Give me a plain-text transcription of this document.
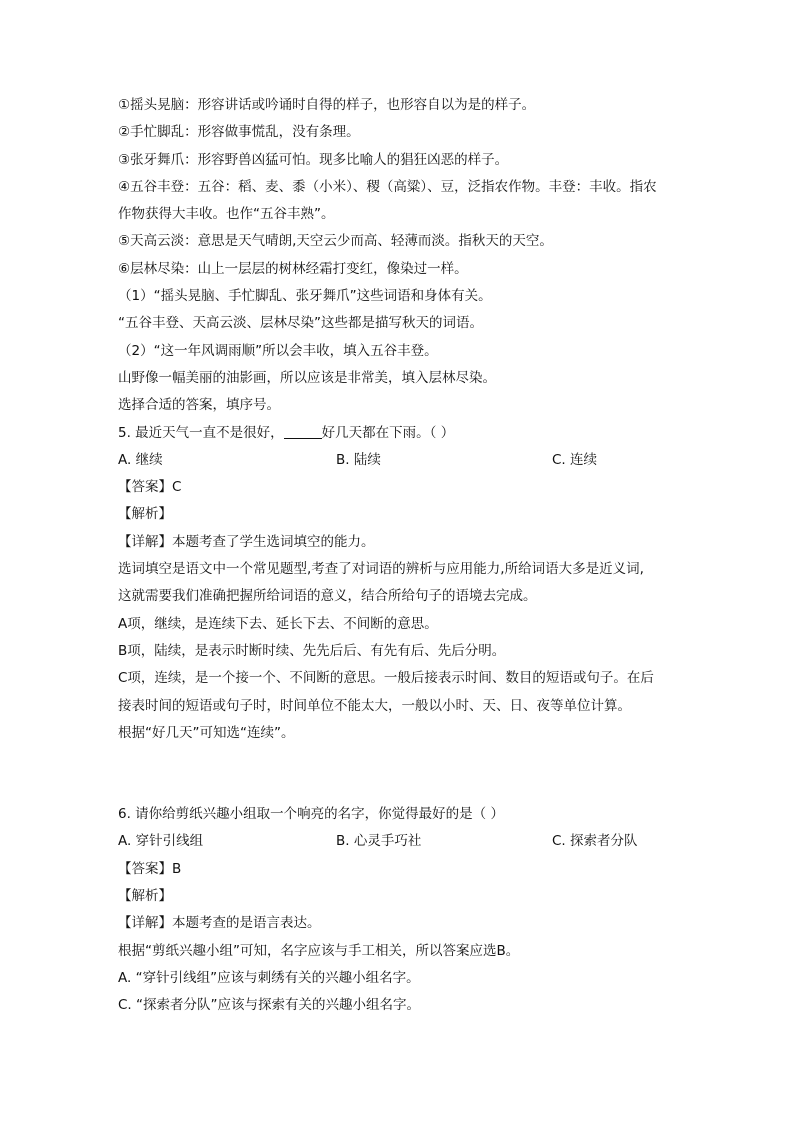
①摇头晃脑：形容讲话或吟诵时自得的样子，也形容自以为是的样子。
②手忙脚乱：形容做事慌乱，没有条理。
③张牙舞爪：形容野兽凶猛可怕。现多比喻人的猖狂凶恶的样子。
④五谷丰登：五谷：稻、麦、黍（小米）、稷（高粱）、豆，泛指农作物。丰登：丰收。指农
作物获得大丰收。也作“五谷丰熟”。
⑤天高云淡：意思是天气晴朗,天空云少而高、轻薄而淡。指秋天的天空。
⑥层林尽染：山上一层层的树林经霜打变红，像染过一样。
（1）“摇头晃脑、手忙脚乱、张牙舞爪”这些词语和身体有关。
“五谷丰登、天高云淡、层林尽染”这些都是描写秋天的词语。
（2）“这一年风调雨顺”所以会丰收，填入五谷丰登。
山野像一幅美丽的油影画，所以应该是非常美，填入层林尽染。
选择合适的答案，填序号。
5. 最近天气一直不是很好，	好几天都在下雨。（ ）
A. 继续	B. 陆续	C. 连续
【答案】C
【解析】
【详解】本题考查了学生选词填空的能力。
选词填空是语文中一个常见题型,考查了对词语的辨析与应用能力,所给词语大多是近义词,
这就需要我们准确把握所给词语的意义，结合所给句子的语境去完成。
A项，继续，是连续下去、延长下去、不间断的意思。
B项，陆续，是表示时断时续、先先后后、有先有后、先后分明。
C项，连续，是一个接一个、不间断的意思。一般后接表示时间、数目的短语或句子。在后
接表时间的短语或句子时，时间单位不能太大，一般以小时、天、日、夜等单位计算。
根据“好几天”可知选“连续”。
6. 请你给剪纸兴趣小组取一个响亮的名字，你觉得最好的是（ ）
A. 穿针引线组	B. 心灵手巧社	C. 探索者分队
【答案】B
【解析】
【详解】本题考查的是语言表达。
根据“剪纸兴趣小组”可知，名字应该与手工相关，所以答案应选B。
A. “穿针引线组”应该与刺绣有关的兴趣小组名字。
C. “探索者分队”应该与探索有关的兴趣小组名字。
